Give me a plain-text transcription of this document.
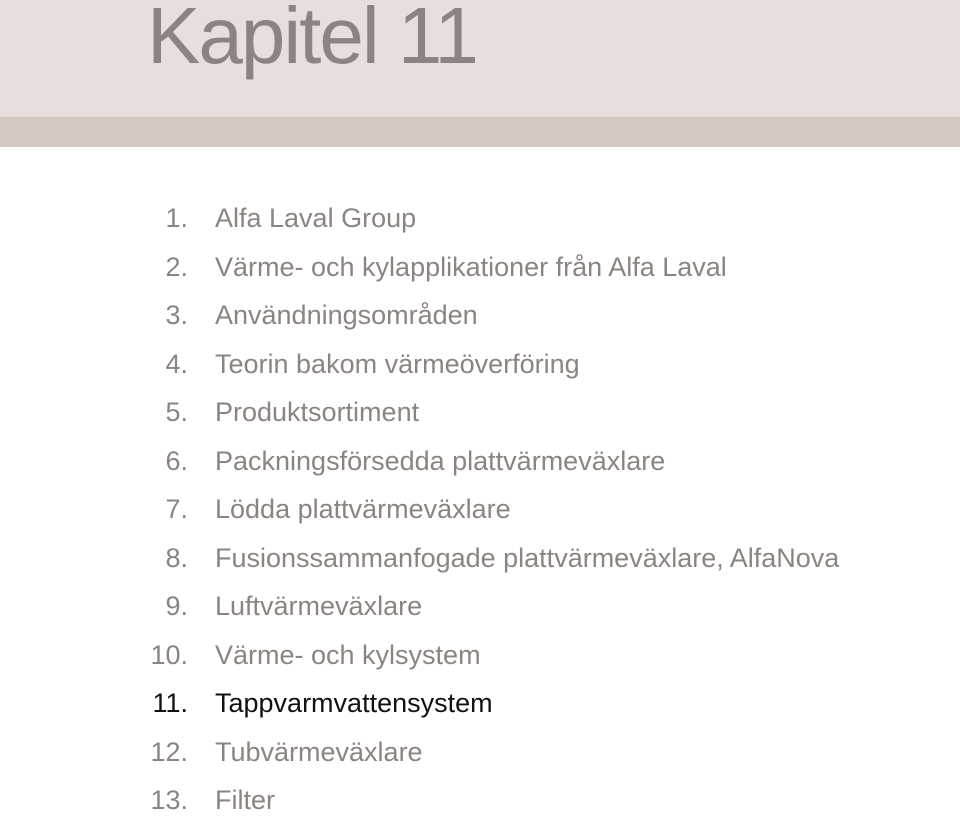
Kapitel 11
1. Alfa Laval Group
2. Värme- och kylapplikationer från Alfa Laval
3. Användningsområden
4. Teorin bakom värmeöverföring
5. Produktsortiment
6. Packningsförsedda plattvärmeväxlare
7. Lödda plattvärmeväxlare
8. Fusionssammanfogade plattvärmeväxlare, AlfaNova
9. Luftvärmeväxlare
10. Värme- och kylsystem
11. Tappvarmvattensystem
12. Tubvärmeväxlare
13. Filter
